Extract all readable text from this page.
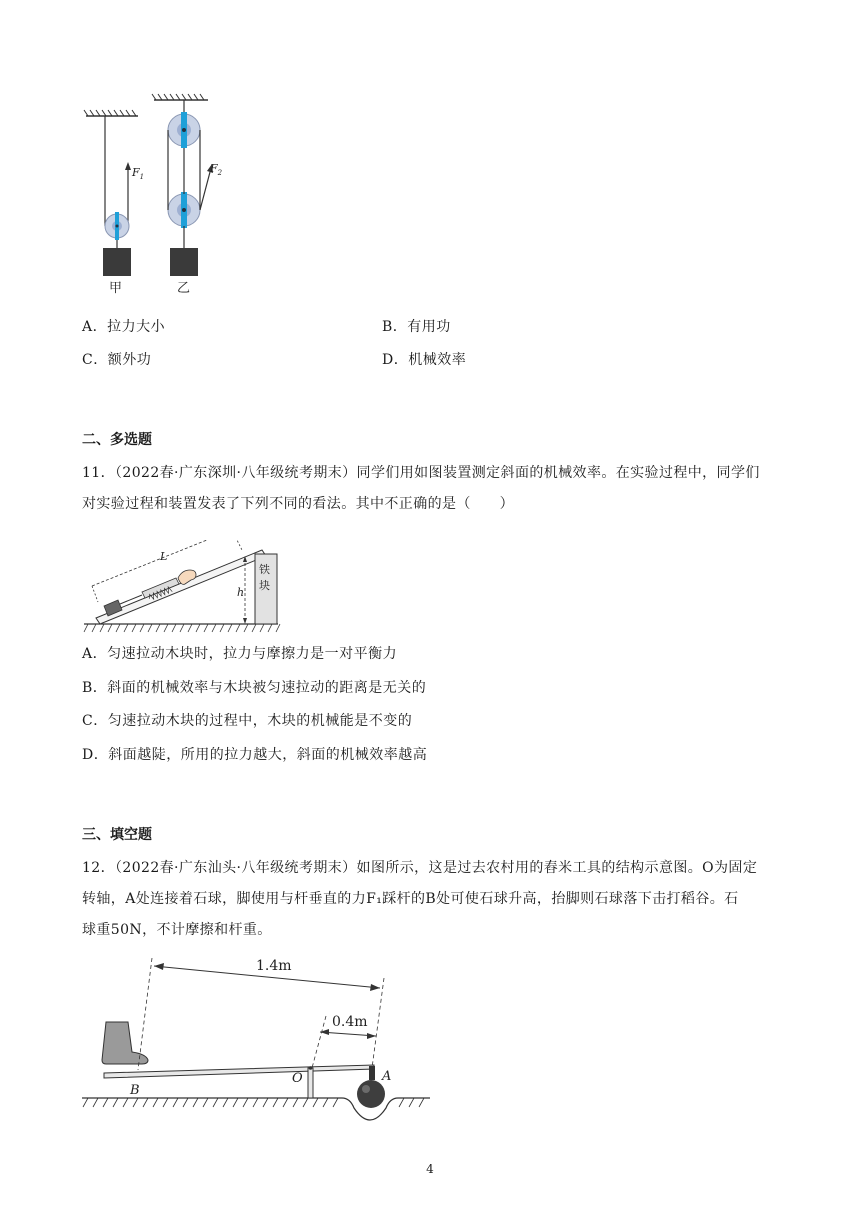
$F_1$
$F_2$
甲	乙
A．拉力大小	B．有用功
C．额外功	D．机械效率
二、多选题
11．（2022春·广东深圳·八年级统考期末）同学们用如图装置测定斜面的机械效率。在实验过程中，同学们
对实验过程和装置发表了下列不同的看法。其中不正确的是（　　）
铁
块
L
h
A．匀速拉动木块时，拉力与摩擦力是一对平衡力
B．斜面的机械效率与木块被匀速拉动的距离是无关的
C．匀速拉动木块的过程中，木块的机械能是不变的
D．斜面越陡，所用的拉力越大，斜面的机械效率越高
三、填空题
12．（2022春·广东汕头·八年级统考期末）如图所示，这是过去农村用的舂米工具的结构示意图。O为固定
转轴，A处连接着石球，脚使用与杆垂直的力F₁踩杆的B处可使石球升高，抬脚则石球落下击打稻谷。石
球重50N，不计摩擦和杆重。
1.4m
0.4m
B
O	A
4
